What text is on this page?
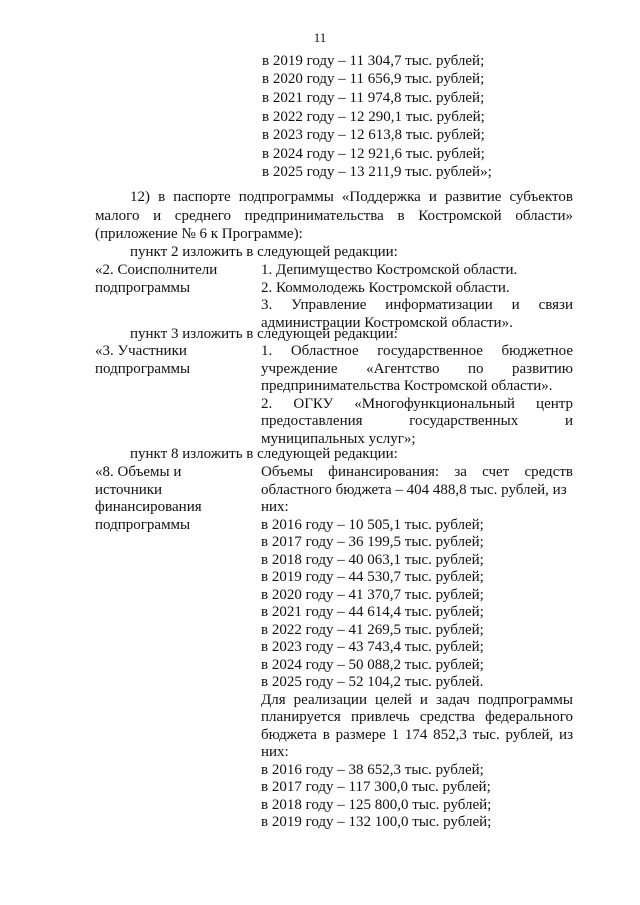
11
в 2019 году – 11 304,7 тыс. рублей;
в 2020 году – 11 656,9 тыс. рублей;
в 2021 году – 11 974,8 тыс. рублей;
в 2022 году – 12 290,1 тыс. рублей;
в 2023 году – 12 613,8 тыс. рублей;
в 2024 году – 12 921,6 тыс. рублей;
в 2025 году – 13 211,9 тыс. рублей»;
12) в паспорте подпрограммы «Поддержка и развитие субъектов
малого и среднего предпринимательства в Костромской области»
(приложение № 6 к Программе):
пункт 2 изложить в следующей редакции:
«2. Соисполнители
подпрограммы
1. Депимущество Костромской области.
2. Коммолодежь Костромской области.
3. Управление информатизации и связи
администрации Костромской области».
пункт 3 изложить в следующей редакции:
«3. Участники
подпрограммы
1. Областное государственное бюджетное
учреждение «Агентство по развитию
предпринимательства Костромской области».
2. ОГКУ «Многофункциональный центр
предоставления государственных и
муниципальных услуг»;
пункт 8 изложить в следующей редакции:
«8. Объемы и
источники
финансирования
подпрограммы
Объемы финансирования: за счет средств
областного бюджета – 404 488,8 тыс. рублей, из
них:
в 2016 году – 10 505,1 тыс. рублей;
в 2017 году – 36 199,5 тыс. рублей;
в 2018 году – 40 063,1 тыс. рублей;
в 2019 году – 44 530,7 тыс. рублей;
в 2020 году – 41 370,7 тыс. рублей;
в 2021 году – 44 614,4 тыс. рублей;
в 2022 году – 41 269,5 тыс. рублей;
в 2023 году – 43 743,4 тыс. рублей;
в 2024 году – 50 088,2 тыс. рублей;
в 2025 году – 52 104,2 тыс. рублей.
Для реализации целей и задач подпрограммы
планируется привлечь средства федерального
бюджета в размере 1 174 852,3 тыс. рублей, из
них:
в 2016 году – 38 652,3 тыс. рублей;
в 2017 году – 117 300,0 тыс. рублей;
в 2018 году – 125 800,0 тыс. рублей;
в 2019 году – 132 100,0 тыс. рублей;
